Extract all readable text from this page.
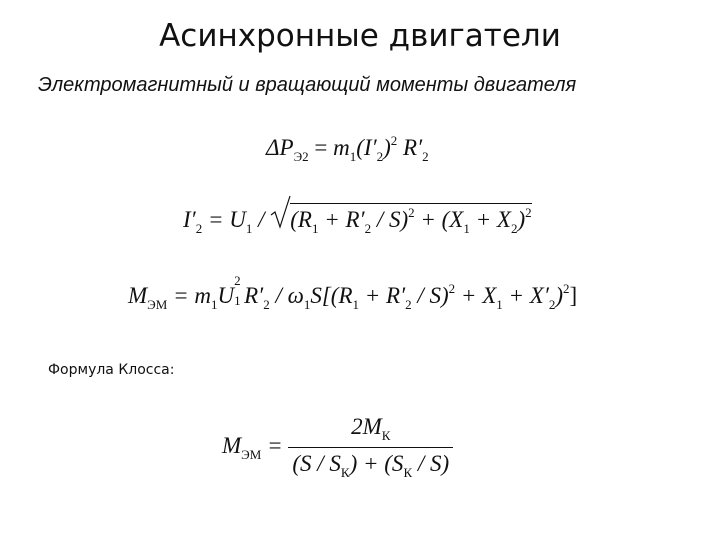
Асинхронные двигатели
Электромагнитный и вращающий моменты двигателя
$\Delta P_{Э2} = m_1(I'_2)^2$ $R'_2$
$I'_2 = U_1$ /
$(R_1 + R'_2 / S)^2 + (X_1 + X_2)^2$
$M_{ЭМ} = m_1U$
2
1 $R'_2 / \omega_1S[(R_1 + R'_2 / S)^2 + X_1 + X'_2)^2$]
Формула Клосса:
$M_{ЭМ} = 2M_К$
$(S / S_К) + (S_К / S)$
